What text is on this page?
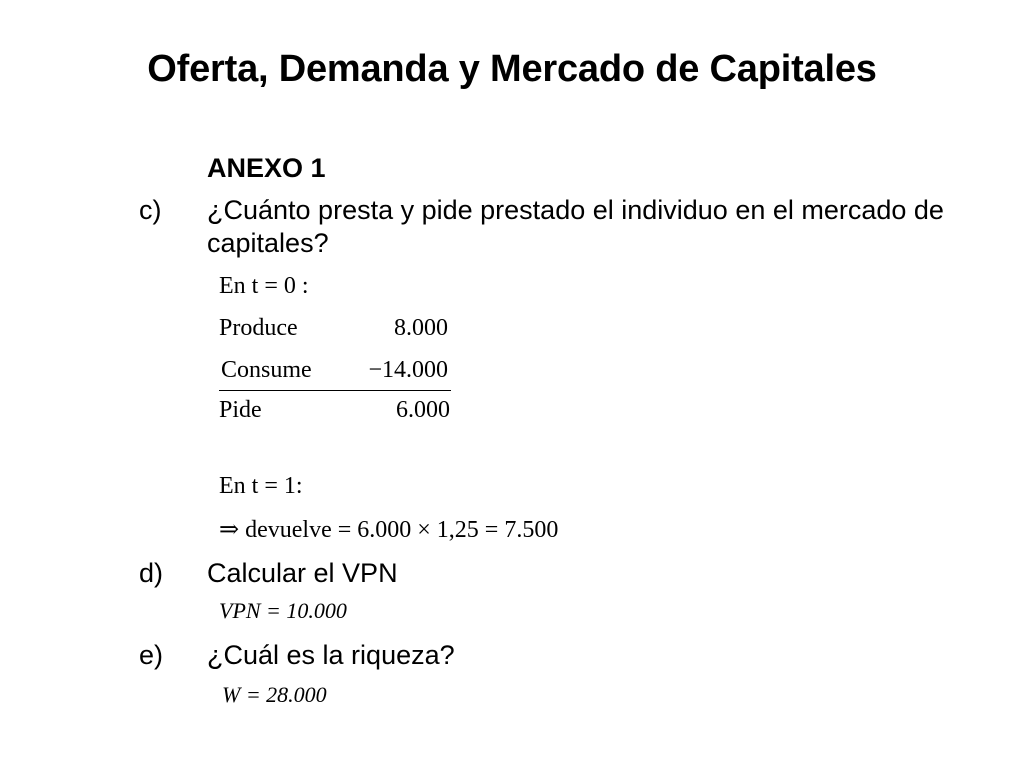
Oferta, Demanda y Mercado de Capitales
ANEXO 1
c) ¿Cuánto presta y pide prestado el individuo en el mercado de
capitales?
En t = 0 :
Produce	8.000
Consume	−14.000
Pide	6.000
En t = 1:
⇒ devuelve = 6.000 × 1,25 = 7.500
d) Calcular el VPN
VPN = 10.000
e) ¿Cuál es la riqueza?
W = 28.000
